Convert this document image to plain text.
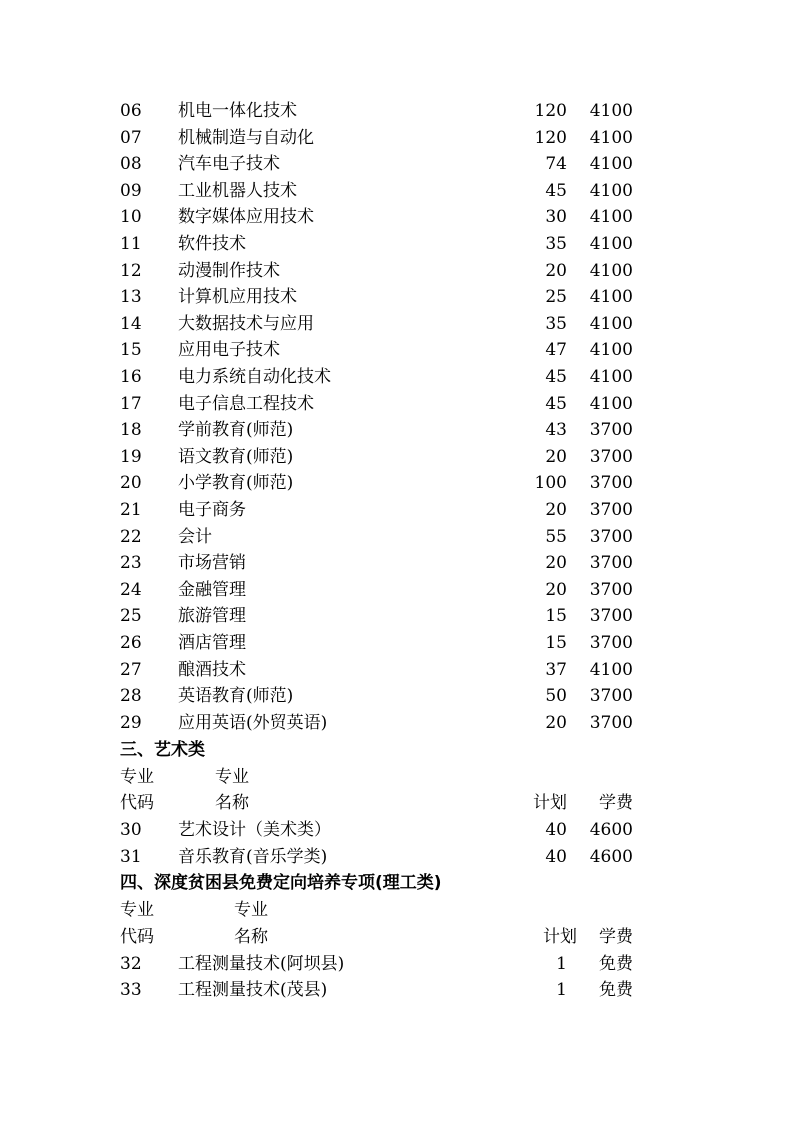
06 机电一体化技术	120 4100
07 机械制造与自动化	120 4100
08 汽车电子技术	74 4100
09 工业机器人技术	45 4100
10 数字媒体应用技术	30 4100
11 软件技术	35 4100
12 动漫制作技术	20 4100
13 计算机应用技术	25 4100
14 大数据技术与应用	35 4100
15 应用电子技术	47 4100
16 电力系统自动化技术	45 4100
17 电子信息工程技术	45 4100
18 学前教育(师范)	43 3700
19 语文教育(师范)	20 3700
20 小学教育(师范)	100 3700
21 电子商务	20 3700
22 会计	55 3700
23 市场营销	20 3700
24 金融管理	20 3700
25 旅游管理	15 3700
26 酒店管理	15 3700
27 酿酒技术	37 4100
28 英语教育(师范)	50 3700
29 应用英语(外贸英语)	20 3700
三、艺术类
专业	专业
代码	名称	计划 学费
30 艺术设计（美术类）	40 4600
31 音乐教育(音乐学类)	40 4600
四、深度贫困县免费定向培养专项(理工类)
专业	专业
代码	名称	计划 学费
32 工程测量技术(阿坝县)	1 免费
33 工程测量技术(茂县)	1 免费
